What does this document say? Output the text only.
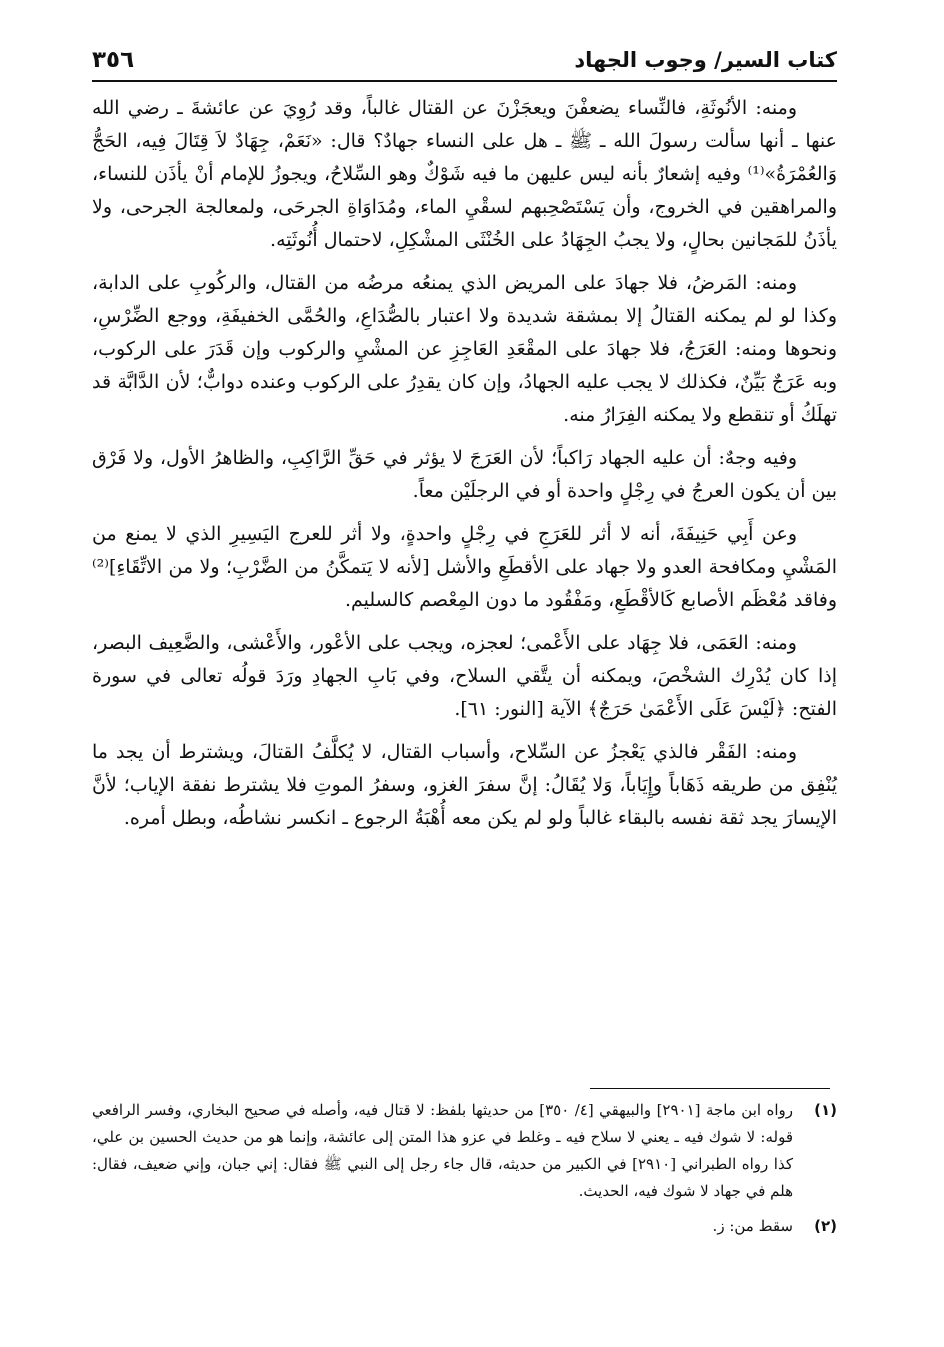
كتاب السير/ وجوب الجهاد
٣٥٦

ومنه: الأنُوثَةِ، فالنِّساء يضعفْنَ ويعجَزْنَ عن القتال غالباً، وقد رُوِيَ عن عائشةَ ـ رضي الله عنها ـ أنها سألت رسولَ الله ـ ﷺ ـ هل على النساء جهادٌ؟ قال: «نَعَمْ، جِهَادٌ لاَ قِتَالَ فِيه، الحَجُّ وَالعُمْرَةُ»⁽¹⁾ وفيه إشعارٌ بأنه ليس عليهن ما فيه شَوْكٌ وهو السِّلاحُ، ويجوزُ للإمام أنْ يأذَن للنساء، والمراهقين في الخروج، وأن يَسْتَصْحِبهم لسقْيِ الماء، ومُدَاوَاةِ الجرحَى، ولمعالجة الجرحى، ولا يأذَنُ للمَجانين بحالٍ، ولا يجبُ الجِهَادُ على الخُنْثَى المشْكِلِ، لاحتمال أُنُوثَتِه.

ومنه: المَرضُ، فلا جهادَ على المريض الذي يمنعُه مرضُه من القتال، والركُوبِ على الدابة، وكذا لو لم يمكنه القتالُ إلا بمشقة شديدة ولا اعتبار بالصُّدَاعِ، والحُمَّى الخفيفَةِ، ووجع الضِّرْسِ، ونحوها ومنه: العَرَجُ، فلا جهادَ على المقْعَدِ العَاجِزِ عن المشْيِ والركوب وإن قَدَرَ على الركوب، وبه عَرَجٌ بَيِّنٌ، فكذلك لا يجب عليه الجهادُ، وإن كان يقدِرُ على الركوب وعنده دوابٌّ؛ لأن الدَّابَّة قد تهلَكُ أو تنقطع ولا يمكنه الفِرَارُ منه.

وفيه وجهٌ: أن عليه الجهاد رَاكباً؛ لأن العَرَجَ لا يؤثر في حَقِّ الرَّاكِبِ، والظاهرُ الأول، ولا فَرْق بين أن يكون العرجُ في رِجْلٍ واحدة أو في الرجلَيْن معاً.

وعن أَبِي حَنِيفَةَ، أنه لا أثر للعَرَجِ في رِجْلٍ واحدةٍ، ولا أثر للعرج اليَسِيرِ الذي لا يمنع من المَشْيِ ومكافحة العدو ولا جهاد على الأقطَعِ والأشل [لأنه لا يَتمكَّنُ من الضَّرْبِ؛ ولا من الاتِّقَاءِ]⁽²⁾ وفاقد مُعْظَم الأصابع كَالأقْطَعِ، ومَفْقُود ما دون المِعْصم كالسليم.

ومنه: العَمَى، فلا جِهَاد على الأَعْمى؛ لعجزه، ويجب على الأعْور، والأَعْشى، والضَّعِيف البصر، إذا كان يُدْرِك الشخْصَ، ويمكنه أن يتَّقي السلاح، وفي بَابِ الجهادِ ورَدَ قولُه تعالى في سورة الفتح: ﴿لَيْسَ عَلَى الأَعْمَىٰ حَرَجٌ﴾ الآية [النور: ٦١].

ومنه: الفَقْر فالذي يَعْجزُ عن السِّلاح، وأسباب القتال، لا يُكلَّفُ القتالَ، ويشترط أن يجد ما يُنْفِق من طريقه ذَهَاباً وإِيَاباً، وَلا يُقَالُ: إنَّ سفرَ الغزو، وسفرُ الموتِ فلا يشترط نفقة الإياب؛ لأنَّ الإيسارَ يجد ثقة نفسه بالبقاء غالباً ولو لم يكن معه أُهْبَةُ الرجوع ـ انكسر نشاطُه، وبطل أمره.

(١)
رواه ابن ماجة [٢٩٠١] والبيهقي [٤/ ٣٥٠] من حديثها بلفظ: لا قتال فيه، وأصله في صحيح البخاري، وفسر الرافعي قوله: لا شوك فيه ـ يعني لا سلاح فيه ـ وغلط في عزو هذا المتن إلى عائشة، وإنما هو من حديث الحسين بن علي، كذا رواه الطبراني [٢٩١٠] في الكبير من حديثه، قال جاء رجل إلى النبي ﷺ فقال: إني جبان، وإني ضعيف، فقال: هلم في جهاد لا شوك فيه، الحديث.
(٢)
سقط من: ز.
